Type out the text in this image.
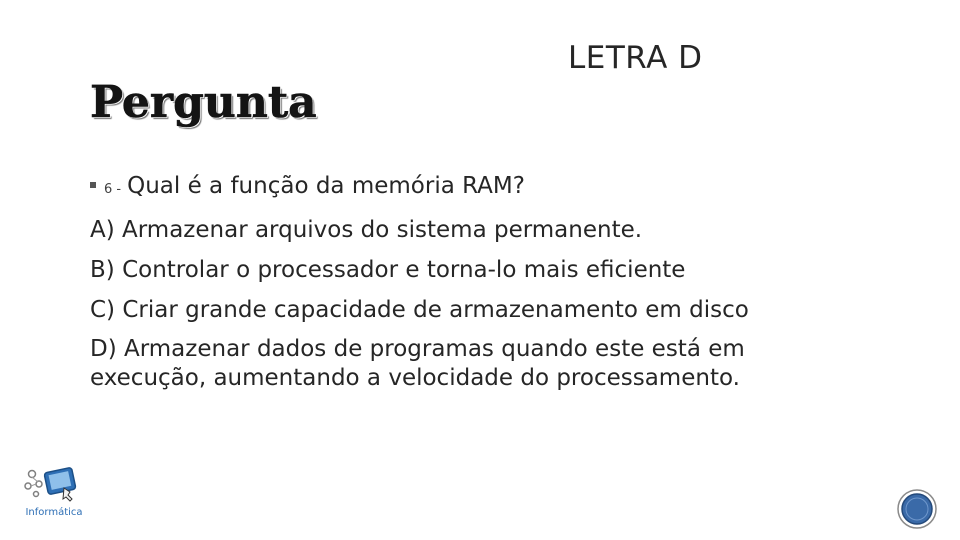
LETRA D
Pergunta
6 - Qual é a função da memória RAM?
A) Armazenar arquivos do sistema permanente.
B) Controlar o processador e torna-lo mais eficiente
C) Criar grande capacidade de armazenamento em disco
D) Armazenar dados de programas quando este está em execução, aumentando a velocidade do processamento.
Informática
